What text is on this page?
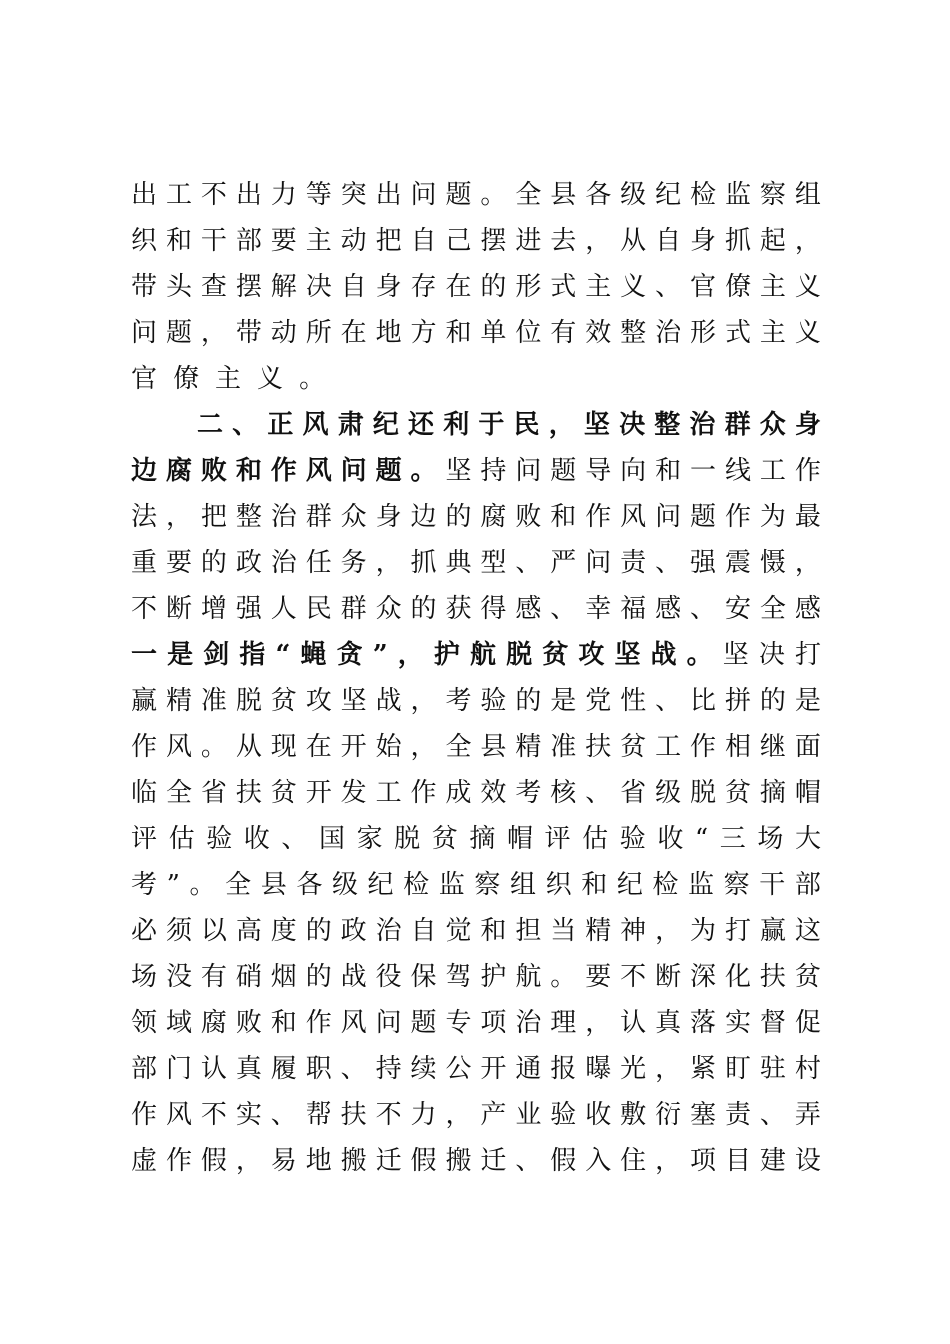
出 工 不 出 力 等 突 出 问 题 。 全 县 各 级 纪 检 监 察 组
织 和 干 部 要 主 动 把 自 己 摆 进 去 ， 从 自 身 抓 起 ，
带 头 查 摆 解 决 自 身 存 在 的 形 式 主 义 、 官 僚 主 义
问 题 ， 带 动 所 在 地 方 和 单 位 有 效 整 治 形 式 主 义
官 僚 主 义 。
二 、 正 风 肃 纪 还 利 于 民 ， 坚 决 整 治 群 众 身
边 腐 败 和 作 风 问 题 。 坚 持 问 题 导 向 和 一 线 工 作
法 ， 把 整 治 群 众 身 边 的 腐 败 和 作 风 问 题 作 为 最
重 要 的 政 治 任 务 ， 抓 典 型 、 严 问 责 、 强 震 慑 ，
不 断 增 强 人 民 群 众 的 获 得 感 、 幸 福 感 、 安 全 感
一 是 剑 指 “ 蝇 贪 ” ， 护 航 脱 贫 攻 坚 战 。 坚 决 打
赢 精 准 脱 贫 攻 坚 战 ， 考 验 的 是 党 性 、 比 拼 的 是
作 风 。 从 现 在 开 始 ， 全 县 精 准 扶 贫 工 作 相 继 面
临 全 省 扶 贫 开 发 工 作 成 效 考 核 、 省 级 脱 贫 摘 帽
评 估 验 收 、 国 家 脱 贫 摘 帽 评 估 验 收 “ 三 场 大
考 ” 。 全 县 各 级 纪 检 监 察 组 织 和 纪 检 监 察 干 部
必 须 以 高 度 的 政 治 自 觉 和 担 当 精 神 ， 为 打 赢 这
场 没 有 硝 烟 的 战 役 保 驾 护 航 。 要 不 断 深 化 扶 贫
领 域 腐 败 和 作 风 问 题 专 项 治 理 ， 认 真 落 实 督 促
部 门 认 真 履 职 、 持 续 公 开 通 报 曝 光 ， 紧 盯 驻 村
作 风 不 实 、 帮 扶 不 力 ， 产 业 验 收 敷 衍 塞 责 、 弄
虚 作 假 ， 易 地 搬 迁 假 搬 迁 、 假 入 住 ， 项 目 建 设
